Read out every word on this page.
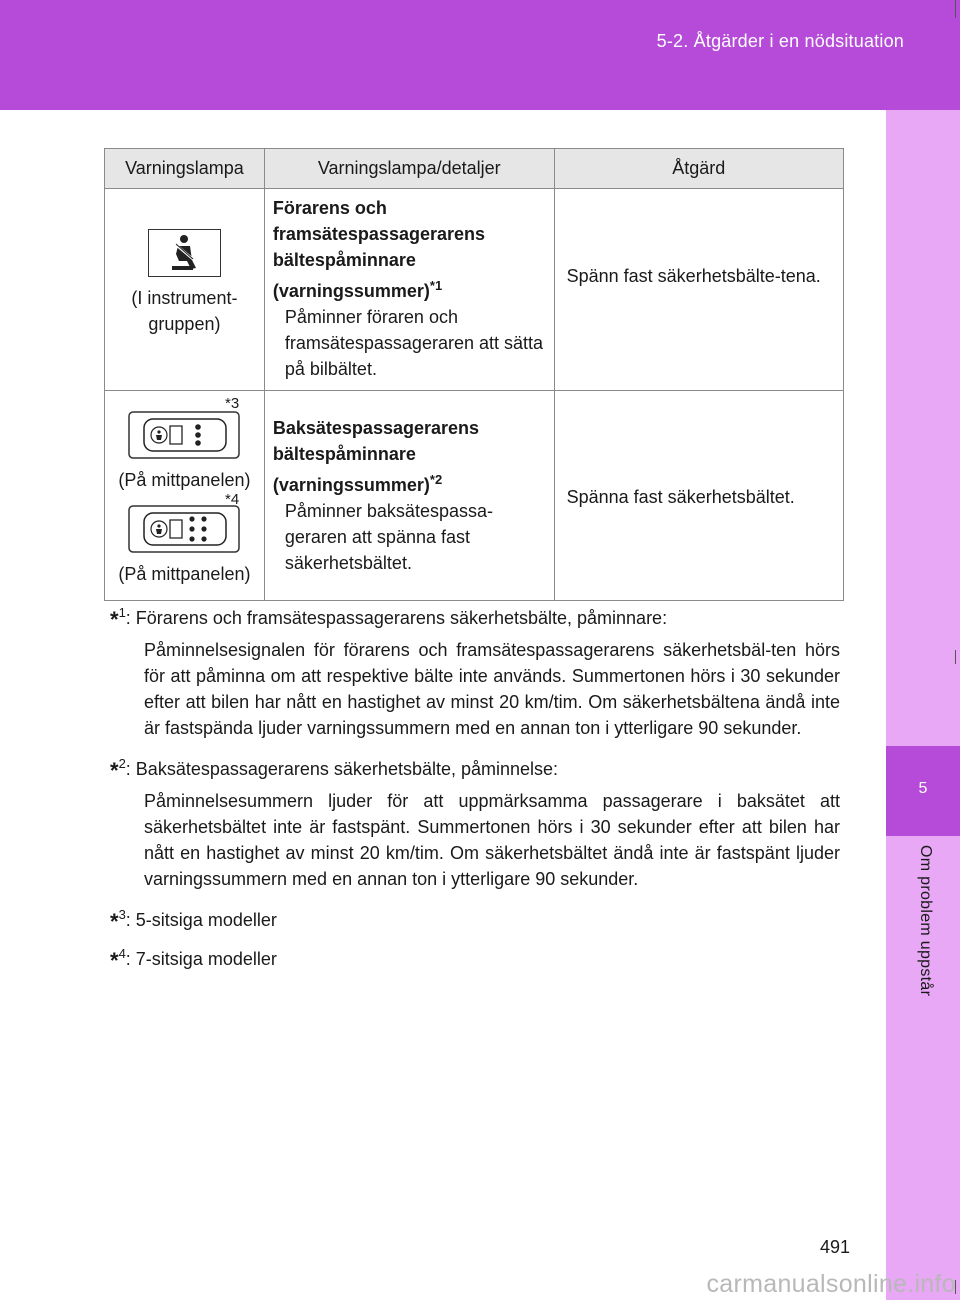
5-2. Åtgärder i en nödsituation
5
Om problem uppstår
Varningslampa	Varningslampa/detaljer	Åtgärd

(I instrument-gruppen)	Förarens och framsätespassagerarens bältespåminnare (varningssummer)$^{*1}$
Påminner föraren och framsätespassageraren att sätta på bilbältet.	Spänn fast säkerhetsbälte-tena.

*3
(På mittpanelen)
*4
(På mittpanelen)	Baksätespassagerarens bältespåminnare (varningssummer)$^{*2}$
Påminner baksätespassa-geraren att spänna fast säkerhetsbältet.	Spänna fast säkerhetsbältet.
*$^1$: Förarens och framsätespassagerarens säkerhetsbälte, påminnare:
Påminnelsesignalen för förarens och framsätespassagerarens säkerhetsbäl-ten hörs för att påminna om att respektive bälte inte används. Summertonen hörs i 30 sekunder efter att bilen har nått en hastighet av minst 20 km/tim. Om säkerhetsbältena ändå inte är fastspända ljuder varningssummern med en annan ton i ytterligare 90 sekunder.
*$^2$: Baksätespassagerarens säkerhetsbälte, påminnelse:
Påminnelsesummern ljuder för att uppmärksamma passagerare i baksätet att säkerhetsbältet inte är fastspänt. Summertonen hörs i 30 sekunder efter att bilen har nått en hastighet av minst 20 km/tim. Om säkerhetsbältet ändå inte är fastspänt ljuder varningssummern med en annan ton i ytterligare 90 sekunder.
*$^3$: 5-sitsiga modeller
*$^4$: 7-sitsiga modeller
491
carmanualsonline.info
